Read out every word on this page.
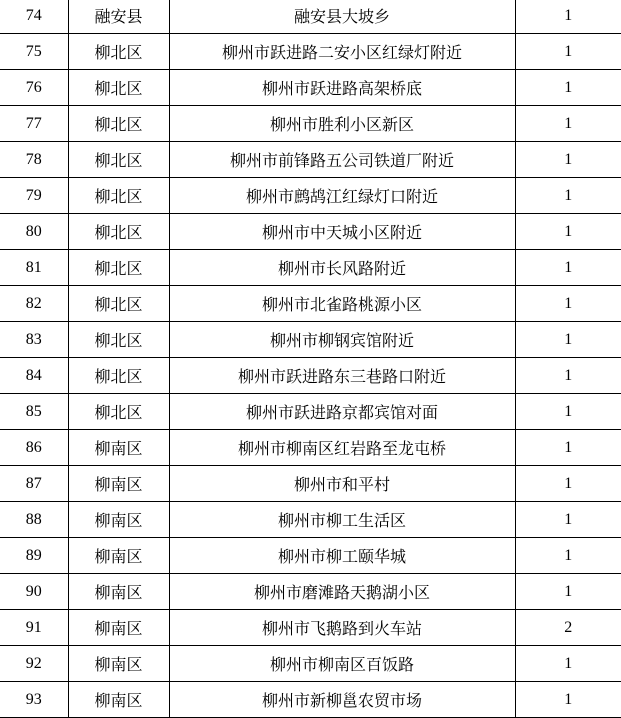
74	融安县	融安县大坡乡	1
75	柳北区	柳州市跃进路二安小区红绿灯附近	1
76	柳北区	柳州市跃进路高架桥底	1
77	柳北区	柳州市胜利小区新区	1
78	柳北区	柳州市前锋路五公司铁道厂附近	1
79	柳北区	柳州市鹧鸪江红绿灯口附近	1
80	柳北区	柳州市中天城小区附近	1
81	柳北区	柳州市长风路附近	1
82	柳北区	柳州市北雀路桃源小区	1
83	柳北区	柳州市柳钢宾馆附近	1
84	柳北区	柳州市跃进路东三巷路口附近	1
85	柳北区	柳州市跃进路京都宾馆对面	1
86	柳南区	柳州市柳南区红岩路至龙屯桥	1
87	柳南区	柳州市和平村	1
88	柳南区	柳州市柳工生活区	1
89	柳南区	柳州市柳工颐华城	1
90	柳南区	柳州市磨滩路天鹅湖小区	1
91	柳南区	柳州市飞鹅路到火车站	2
92	柳南区	柳州市柳南区百饭路	1
93	柳南区	柳州市新柳邕农贸市场	1
